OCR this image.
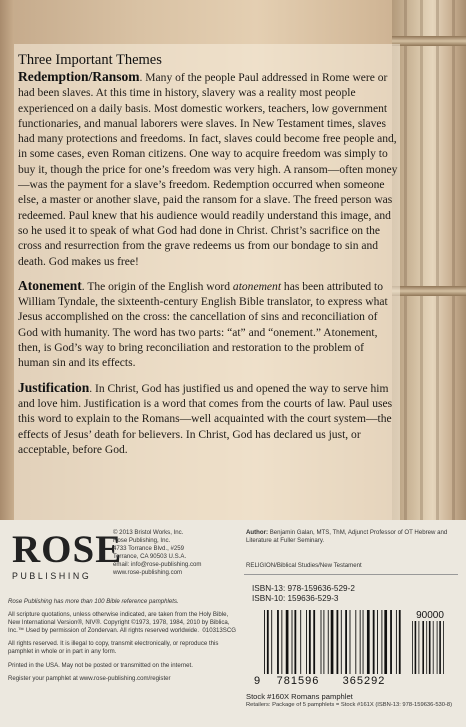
Three Important Themes

Redemption/Ransom. Many of the people Paul addressed in Rome were or had been slaves. At this time in history, slavery was a reality most people experienced on a daily basis. Most domestic workers, teachers, low government functionaries, and manual laborers were slaves. In New Testament times, slaves had many protections and freedoms. In fact, slaves could become free people and, in some cases, even Roman citizens. One way to acquire freedom was simply to buy it, though the price for one’s freedom was very high. A ransom—often money—was the payment for a slave’s freedom. Redemption occurred when someone else, a master or another slave, paid the ransom for a slave. The freed person was redeemed. Paul knew that his audience would readily understand this image, and so he used it to speak of what God had done in Christ. Christ’s sacrifice on the cross and resurrection from the grave redeems us from our bondage to sin and death. God makes us free!

Atonement. The origin of the English word atonement has been attributed to William Tyndale, the sixteenth-century English Bible translator, to express what Jesus accomplished on the cross: the cancellation of sins and reconciliation of God with humanity. The word has two parts: “at” and “onement.” Atonement, then, is God’s way to bring reconciliation and restoration to the problem of human sin and its effects.

Justification. In Christ, God has justified us and opened the way to serve him and love him. Justification is a word that comes from the courts of law. Paul uses this word to explain to the Romans—well acquainted with the court system—the effects of Jesus’ death for believers. In Christ, God has declared us just, or acceptable, before God.

ROSE
PUBLISHING
© 2013 Bristol Works, Inc.
Rose Publishing, Inc.
4733 Torrance Blvd., #259
Torrance, CA 90503 U.S.A.
email: info@rose-publishing.com
www.rose-publishing.com

Rose Publishing has more than 100 Bible reference pamphlets.

All scripture quotations, unless otherwise indicated, are taken from the Holy Bible, New International Version®, NIV®. Copyright ©1973, 1978, 1984, 2010 by Biblica, Inc.™ Used by permission of Zondervan. All rights reserved worldwide. 010313SCG

All rights reserved. It is illegal to copy, transmit electronically, or reproduce this pamphlet in whole or in part in any form.

Printed in the USA. May not be posted or transmitted on the internet.

Register your pamphlet at www.rose-publishing.com/register

Author: Benjamin Galan, MTS, ThM, Adjunct Professor of OT Hebrew and Literature at Fuller Seminary.
RELIGION/Biblical Studies/New Testament
ISBN-13: 978-159636-529-2
ISBN-10: 159636-529-3
90000
9 781596 365292
Stock #160X Romans pamphlet
Retailers: Package of 5 pamphlets = Stock #161X (ISBN-13: 978-159636-530-8)
